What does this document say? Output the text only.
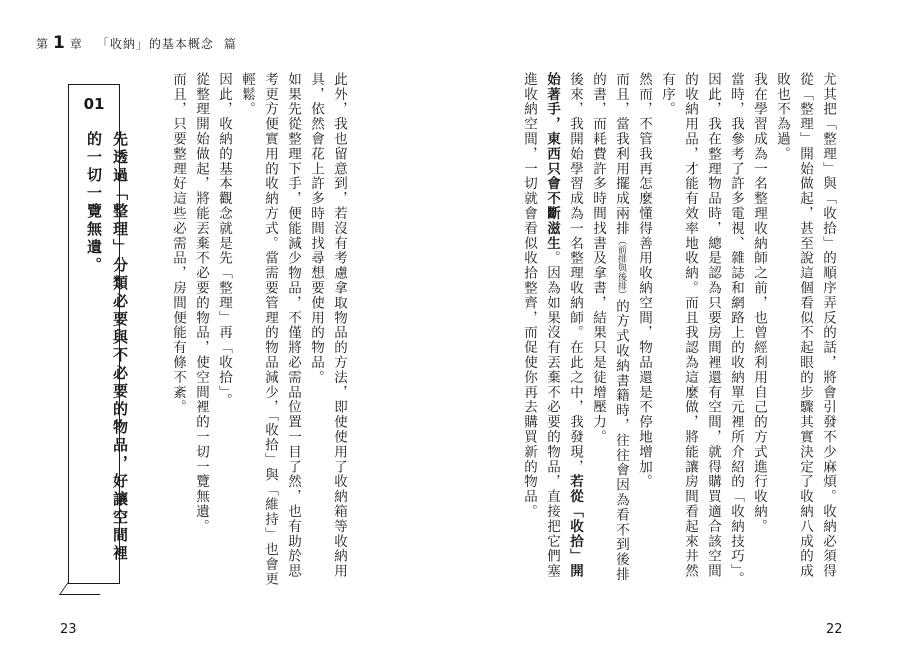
第 1 章 「收納」的基本概念 篇
01
先透過「整理」分類必要與不必要的物品，好讓空間裡的一切一覽無遺。	此外，我也留意到，若沒有考慮拿取物品的方法，即使使用了收納箱等收納用具，依然會花上許多時間找尋想要使用的物品。

如果先從整理下手，便能減少物品，不僅將必需品位置一目了然，也有助於思考更方便實用的收納方式。當需要管理的物品減少，「收拾」與「維持」也會更輕鬆。

因此，收納的基本觀念就是先「整理」再「收拾」。

從整理開始做起，將能丟棄不必要的物品，使空間裡的一切一覽無遺。

而且，只要整理好這些必需品，房間便能有條不紊。	尤其把「整理」與「收拾」的順序弄反的話，將會引發不少麻煩。收納必須得從「整理」開始做起，甚至說這個看似不起眼的步驟其實決定了收納八成的成敗也不為過。

我在學習成為一名整理收納師之前，也曾經利用自己的方式進行收納。

當時，我參考了許多電視、雜誌和網路上的收納單元裡所介紹的「收納技巧」。

因此，我在整理物品時，總是認為只要房間裡還有空間，就得購買適合該空間的收納用品，才能有效率地收納。而且我認為這麼做，將能讓房間看起來井然有序。

然而，不管我再怎麼懂得善用收納空間，物品還是不停地增加。

而且，當我利用擺成兩排（前排與後排）的方式收納書籍時，往往會因為看不到後排的書，而耗費許多時間找書及拿書，結果只是徒增壓力。

後來，我開始學習成為一名整理收納師。在此之中，我發現，若從「收拾」開始著手，東西只會不斷滋生。因為如果沒有丟棄不必要的物品，直接把它們塞進收納空間，一切就會看似收拾整齊，而促使你再去購買新的物品。

23	22
